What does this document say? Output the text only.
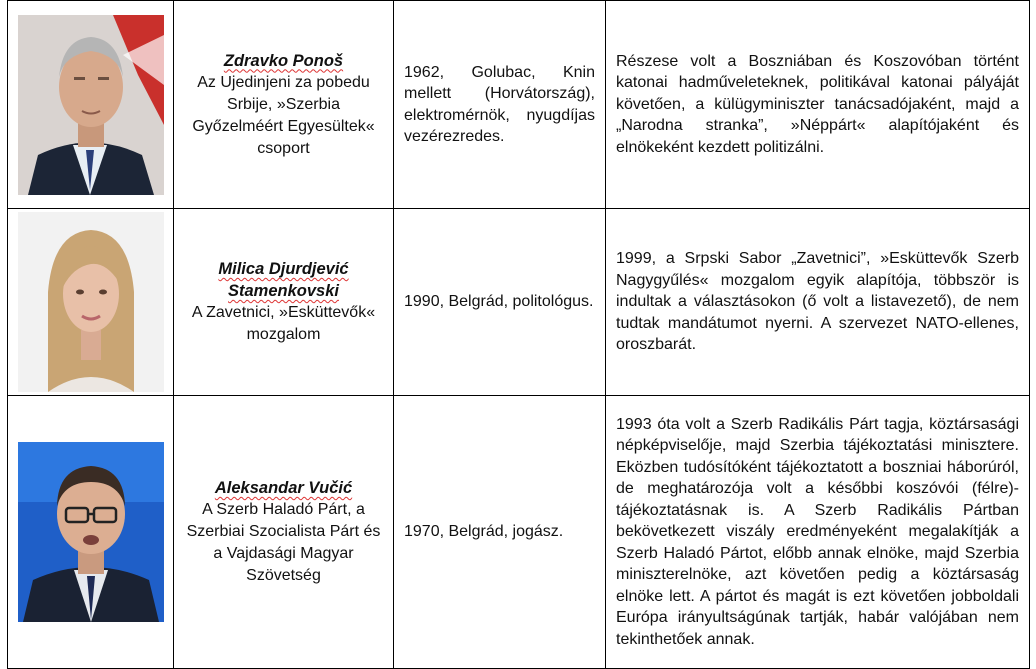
Zdravko Ponoš
Az Ujedinjeni za pobedu Srbije, »Szerbia Győzelméért Egyesültek« csoport	1962, Golubac, Knin mellett (Horvátország), elektromérnök, nyugdíjas vezérezredes.	Részese volt a Boszniában és Koszovóban történt katonai hadműveleteknek, politikával katonai pályáját követően, a külügyminiszter tanácsadójaként, majd a „Narodna stranka”, »Néppárt« alapítójaként és elnökeként kezdett politizálni.

Milica Djurdjević Stamenkovski
A Zavetnici, »Esküttevők« mozgalom	1990, Belgrád, politológus.	1999, a Srpski Sabor „Zavetnici”, »Esküttevők Szerb Nagygyűlés« mozgalom egyik alapítója, többször is indultak a választásokon (ő volt a listavezető), de nem tudtak mandátumot nyerni. A szervezet NATO-ellenes, oroszbarát.

Aleksandar Vučić
A Szerb Haladó Párt, a Szerbiai Szocialista Párt és a Vajdasági Magyar Szövetség	1970, Belgrád, jogász.	1993 óta volt a Szerb Radikális Párt tagja, köztársasági népképviselője, majd Szerbia tájékoztatási minisztere. Eközben tudósítóként tájékoztatott a boszniai háborúról, de meghatározója volt a későbbi koszóvói (félre)-tájékoztatásnak is. A Szerb Radikális Pártban bekövetkezett viszály eredményeként megalakítják a Szerb Haladó Pártot, előbb annak elnöke, majd Szerbia miniszterelnöke, azt követően pedig a köztársaság elnöke lett. A pártot és magát is ezt követően jobboldali Európa irányultságúnak tartják, habár valójában nem tekinthetőek annak.
